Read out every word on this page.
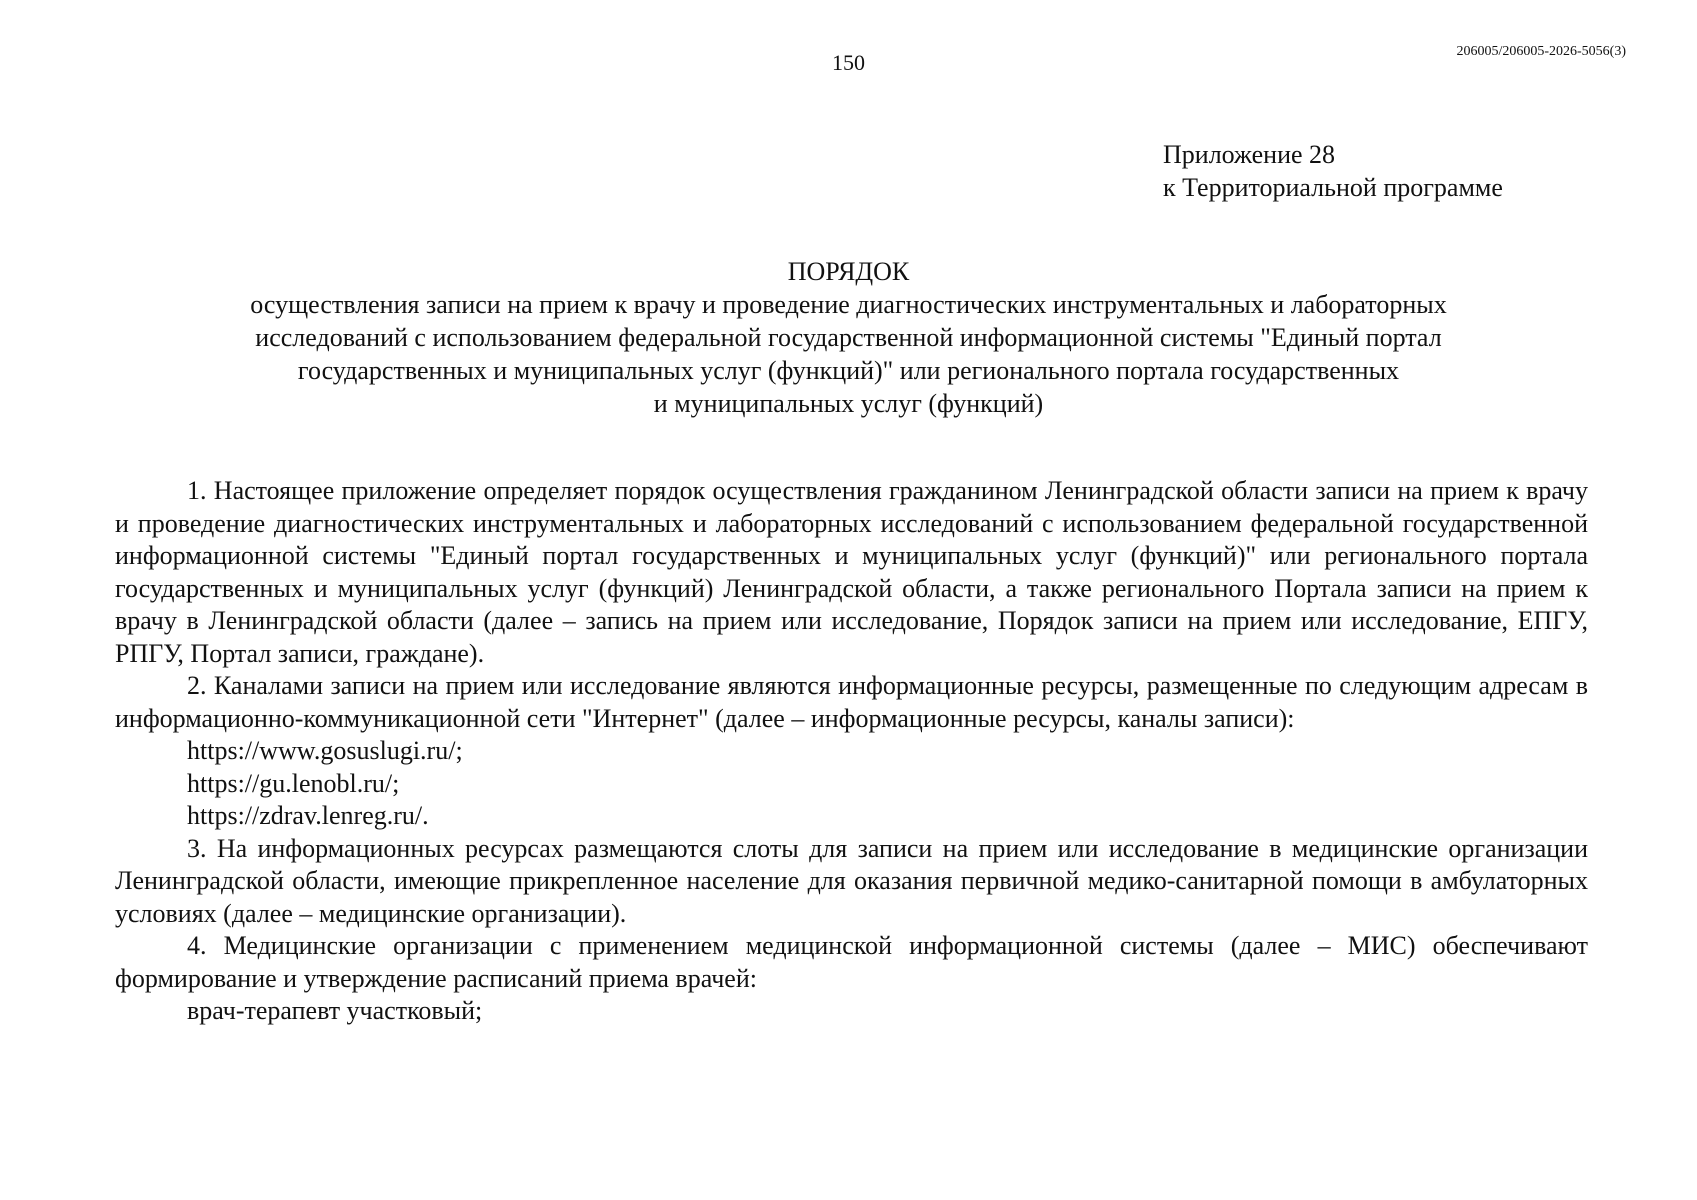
150	206005/206005-2026-5056(3)
Приложение 28
к Территориальной программе
ПОРЯДОК
осуществления записи на прием к врачу и проведение диагностических инструментальных и лабораторных
исследований с использованием федеральной государственной информационной системы "Единый портал
государственных и муниципальных услуг (функций)" или регионального портала государственных
и муниципальных услуг (функций)

1. Настоящее приложение определяет порядок осуществления гражданином Ленинградской области записи на прием к врачу и проведение диагностических инструментальных и лабораторных исследований с использованием федеральной государственной информационной системы "Единый портал государственных и муниципальных услуг (функций)" или регионального портала государственных и муниципальных услуг (функций) Ленинградской области, а также регионального Портала записи на прием к врачу в Ленинградской области (далее – запись на прием или исследование, Порядок записи на прием или исследование, ЕПГУ, РПГУ, Портал записи, граждане).

2. Каналами записи на прием или исследование являются информационные ресурсы, размещенные по следующим адресам в информационно-коммуникационной сети "Интернет" (далее – информационные ресурсы, каналы записи):

https://www.gosuslugi.ru/;
https://gu.lenobl.ru/;
https://zdrav.lenreg.ru/.

3. На информационных ресурсах размещаются слоты для записи на прием или исследование в медицинские организации Ленинградской области, имеющие прикрепленное население для оказания первичной медико-санитарной помощи в амбулаторных условиях (далее – медицинские организации).

4. Медицинские организации с применением медицинской информационной системы (далее – МИС) обеспечивают формирование и утверждение расписаний приема врачей:

врач-терапевт участковый;
